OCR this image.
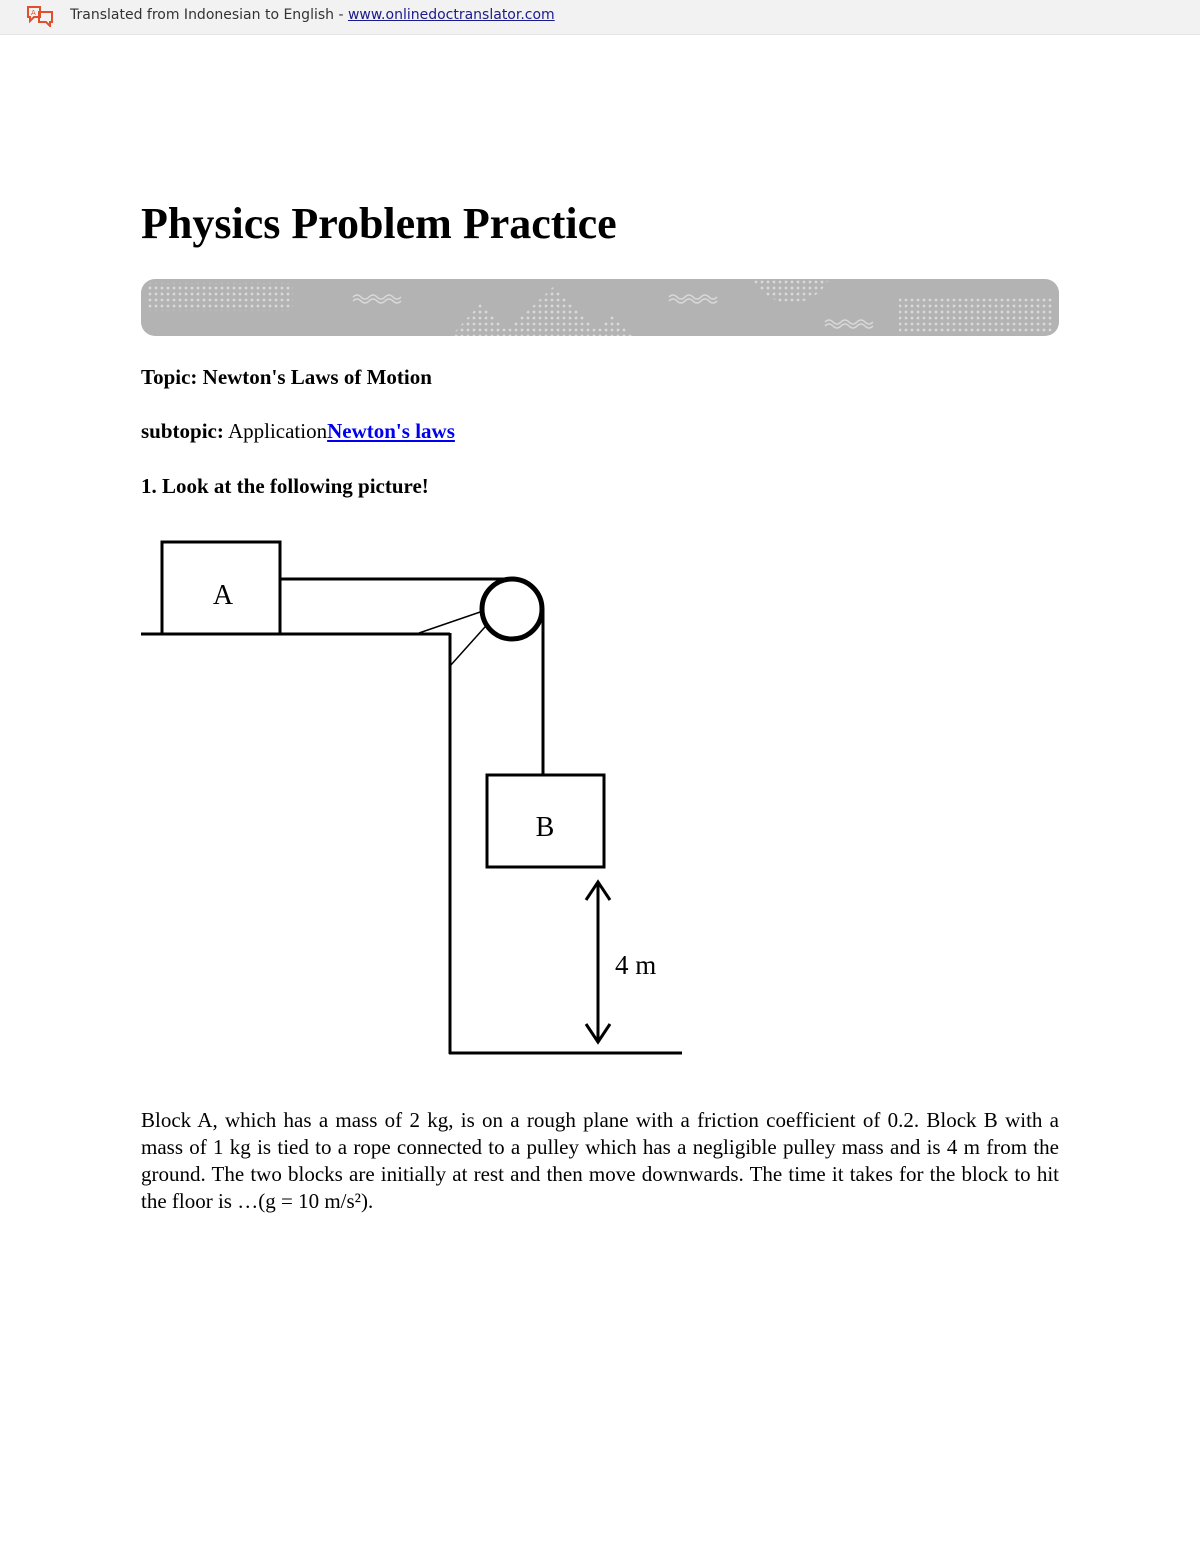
A Translated from Indonesian to English - www.onlinedoctranslator.com
Physics Problem Practice

Topic: Newton's Laws of Motion

subtopic: ApplicationNewton's laws

1. Look at the following picture!

A
B
4 m

Block A, which has a mass of 2 kg, is on a rough plane with a friction coefficient of 0.2. Block B with a mass of 1 kg is tied to a rope connected to a pulley which has a negligible pulley mass and is 4 m from the ground. The two blocks are initially at rest and then move downwards. The time it takes for the block to hit the floor is …(g = 10 m/s²).
